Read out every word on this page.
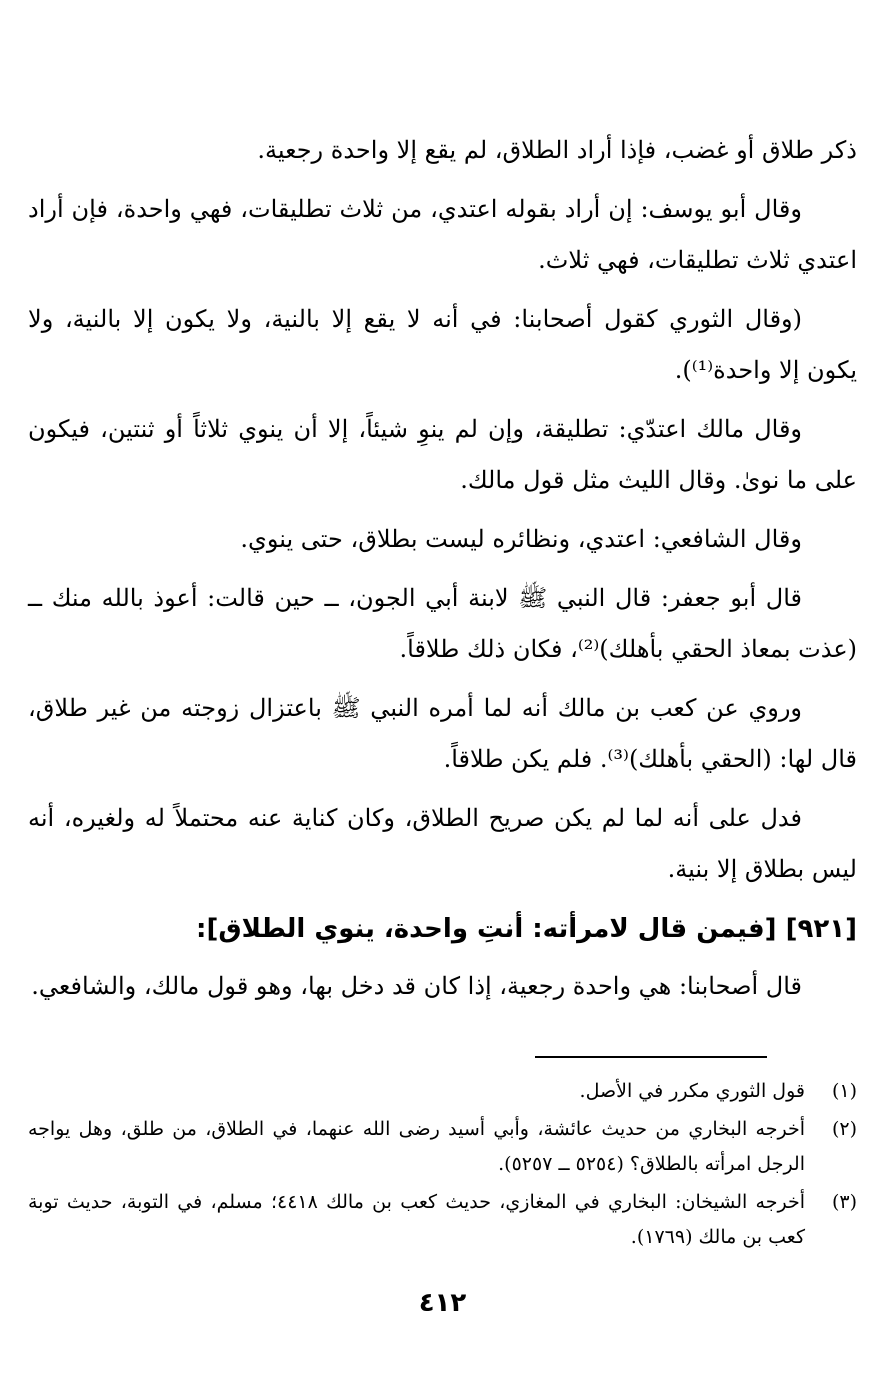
ذكر طلاق أو غضب، فإذا أراد الطلاق، لم يقع إلا واحدة رجعية.

وقال أبو يوسف: إن أراد بقوله اعتدي، من ثلاث تطليقات، فهي واحدة، فإن أراد اعتدي ثلاث تطليقات، فهي ثلاث.

(وقال الثوري كقول أصحابنا: في أنه لا يقع إلا بالنية، ولا يكون إلا بالنية، ولا يكون إلا واحدة⁽¹⁾).

وقال مالك اعتدّي: تطليقة، وإن لم ينوِ شيئاً، إلا أن ينوي ثلاثاً أو ثنتين، فيكون على ما نوىٰ. وقال الليث مثل قول مالك.

وقال الشافعي: اعتدي، ونظائره ليست بطلاق، حتى ينوي.

قال أبو جعفر: قال النبي ﷺ لابنة أبي الجون، ــ حين قالت: أعوذ بالله منك ــ (عذت بمعاذ الحقي بأهلك)⁽²⁾، فكان ذلك طلاقاً.

وروي عن كعب بن مالك أنه لما أمره النبي ﷺ باعتزال زوجته من غير طلاق، قال لها: (الحقي بأهلك)⁽³⁾. فلم يكن طلاقاً.

فدل على أنه لما لم يكن صريح الطلاق، وكان كناية عنه محتملاً له ولغيره، أنه ليس بطلاق إلا بنية.

[٩٢١] [فيمن قال لامرأته: أنتِ واحدة، ينوي الطلاق]:

قال أصحابنا: هي واحدة رجعية، إذا كان قد دخل بها، وهو قول مالك، والشافعي.

(١)
قول الثوري مكرر في الأصل.
(٢)
أخرجه البخاري من حديث عائشة، وأبي أسيد رضى الله عنهما، في الطلاق، من طلق، وهل يواجه الرجل امرأته بالطلاق؟ (٥٢٥٤ ــ ٥٢٥٧).
(٣)
أخرجه الشيخان: البخاري في المغازي، حديث كعب بن مالك ٤٤١٨؛ مسلم، في التوبة، حديث توبة كعب بن مالك (١٧٦٩).
٤١٢
